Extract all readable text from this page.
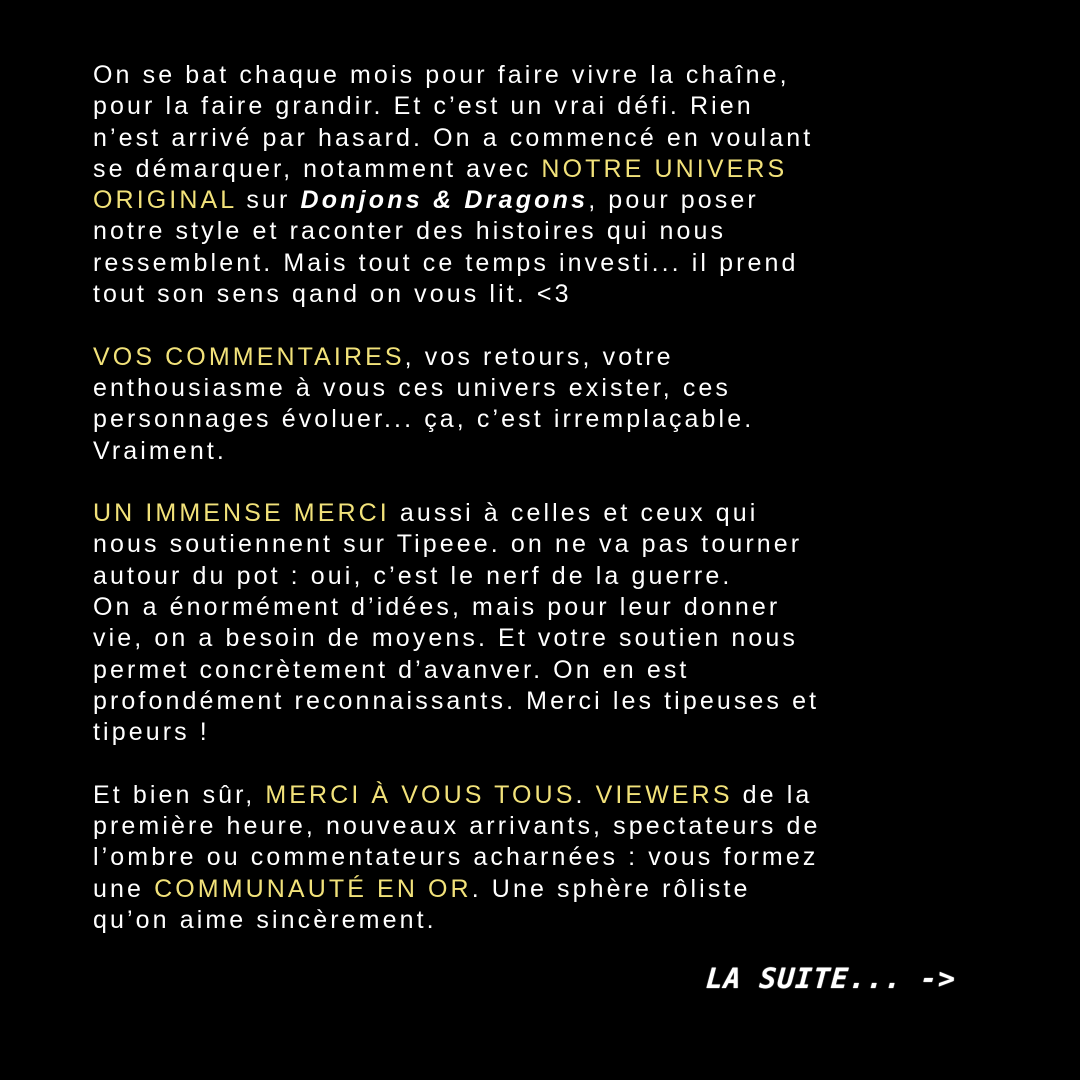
On se bat chaque mois pour faire vivre la chaîne,
pour la faire grandir. Et c’est un vrai défi. Rien
n’est arrivé par hasard. On a commencé en voulant
se démarquer, notamment avec NOTRE UNIVERS
ORIGINAL sur Donjons & Dragons, pour poser
notre style et raconter des histoires qui nous
ressemblent. Mais tout ce temps investi... il prend
tout son sens qand on vous lit. <3

VOS COMMENTAIRES, vos retours, votre
enthousiasme à vous ces univers exister, ces
personnages évoluer... ça, c’est irremplaçable.
Vraiment.

UN IMMENSE MERCI aussi à celles et ceux qui
nous soutiennent sur Tipeee. on ne va pas tourner
autour du pot : oui, c’est le nerf de la guerre.
On a énormément d’idées, mais pour leur donner
vie, on a besoin de moyens. Et votre soutien nous
permet concrètement d’avanver. On en est
profondément reconnaissants. Merci les tipeuses et
tipeurs !

Et bien sûr, MERCI À VOUS TOUS. VIEWERS de la
première heure, nouveaux arrivants, spectateurs de
l’ombre ou commentateurs acharnées : vous formez
une COMMUNAUTÉ EN OR. Une sphère rôliste
qu’on aime sincèrement.

LA SUITE... ->
